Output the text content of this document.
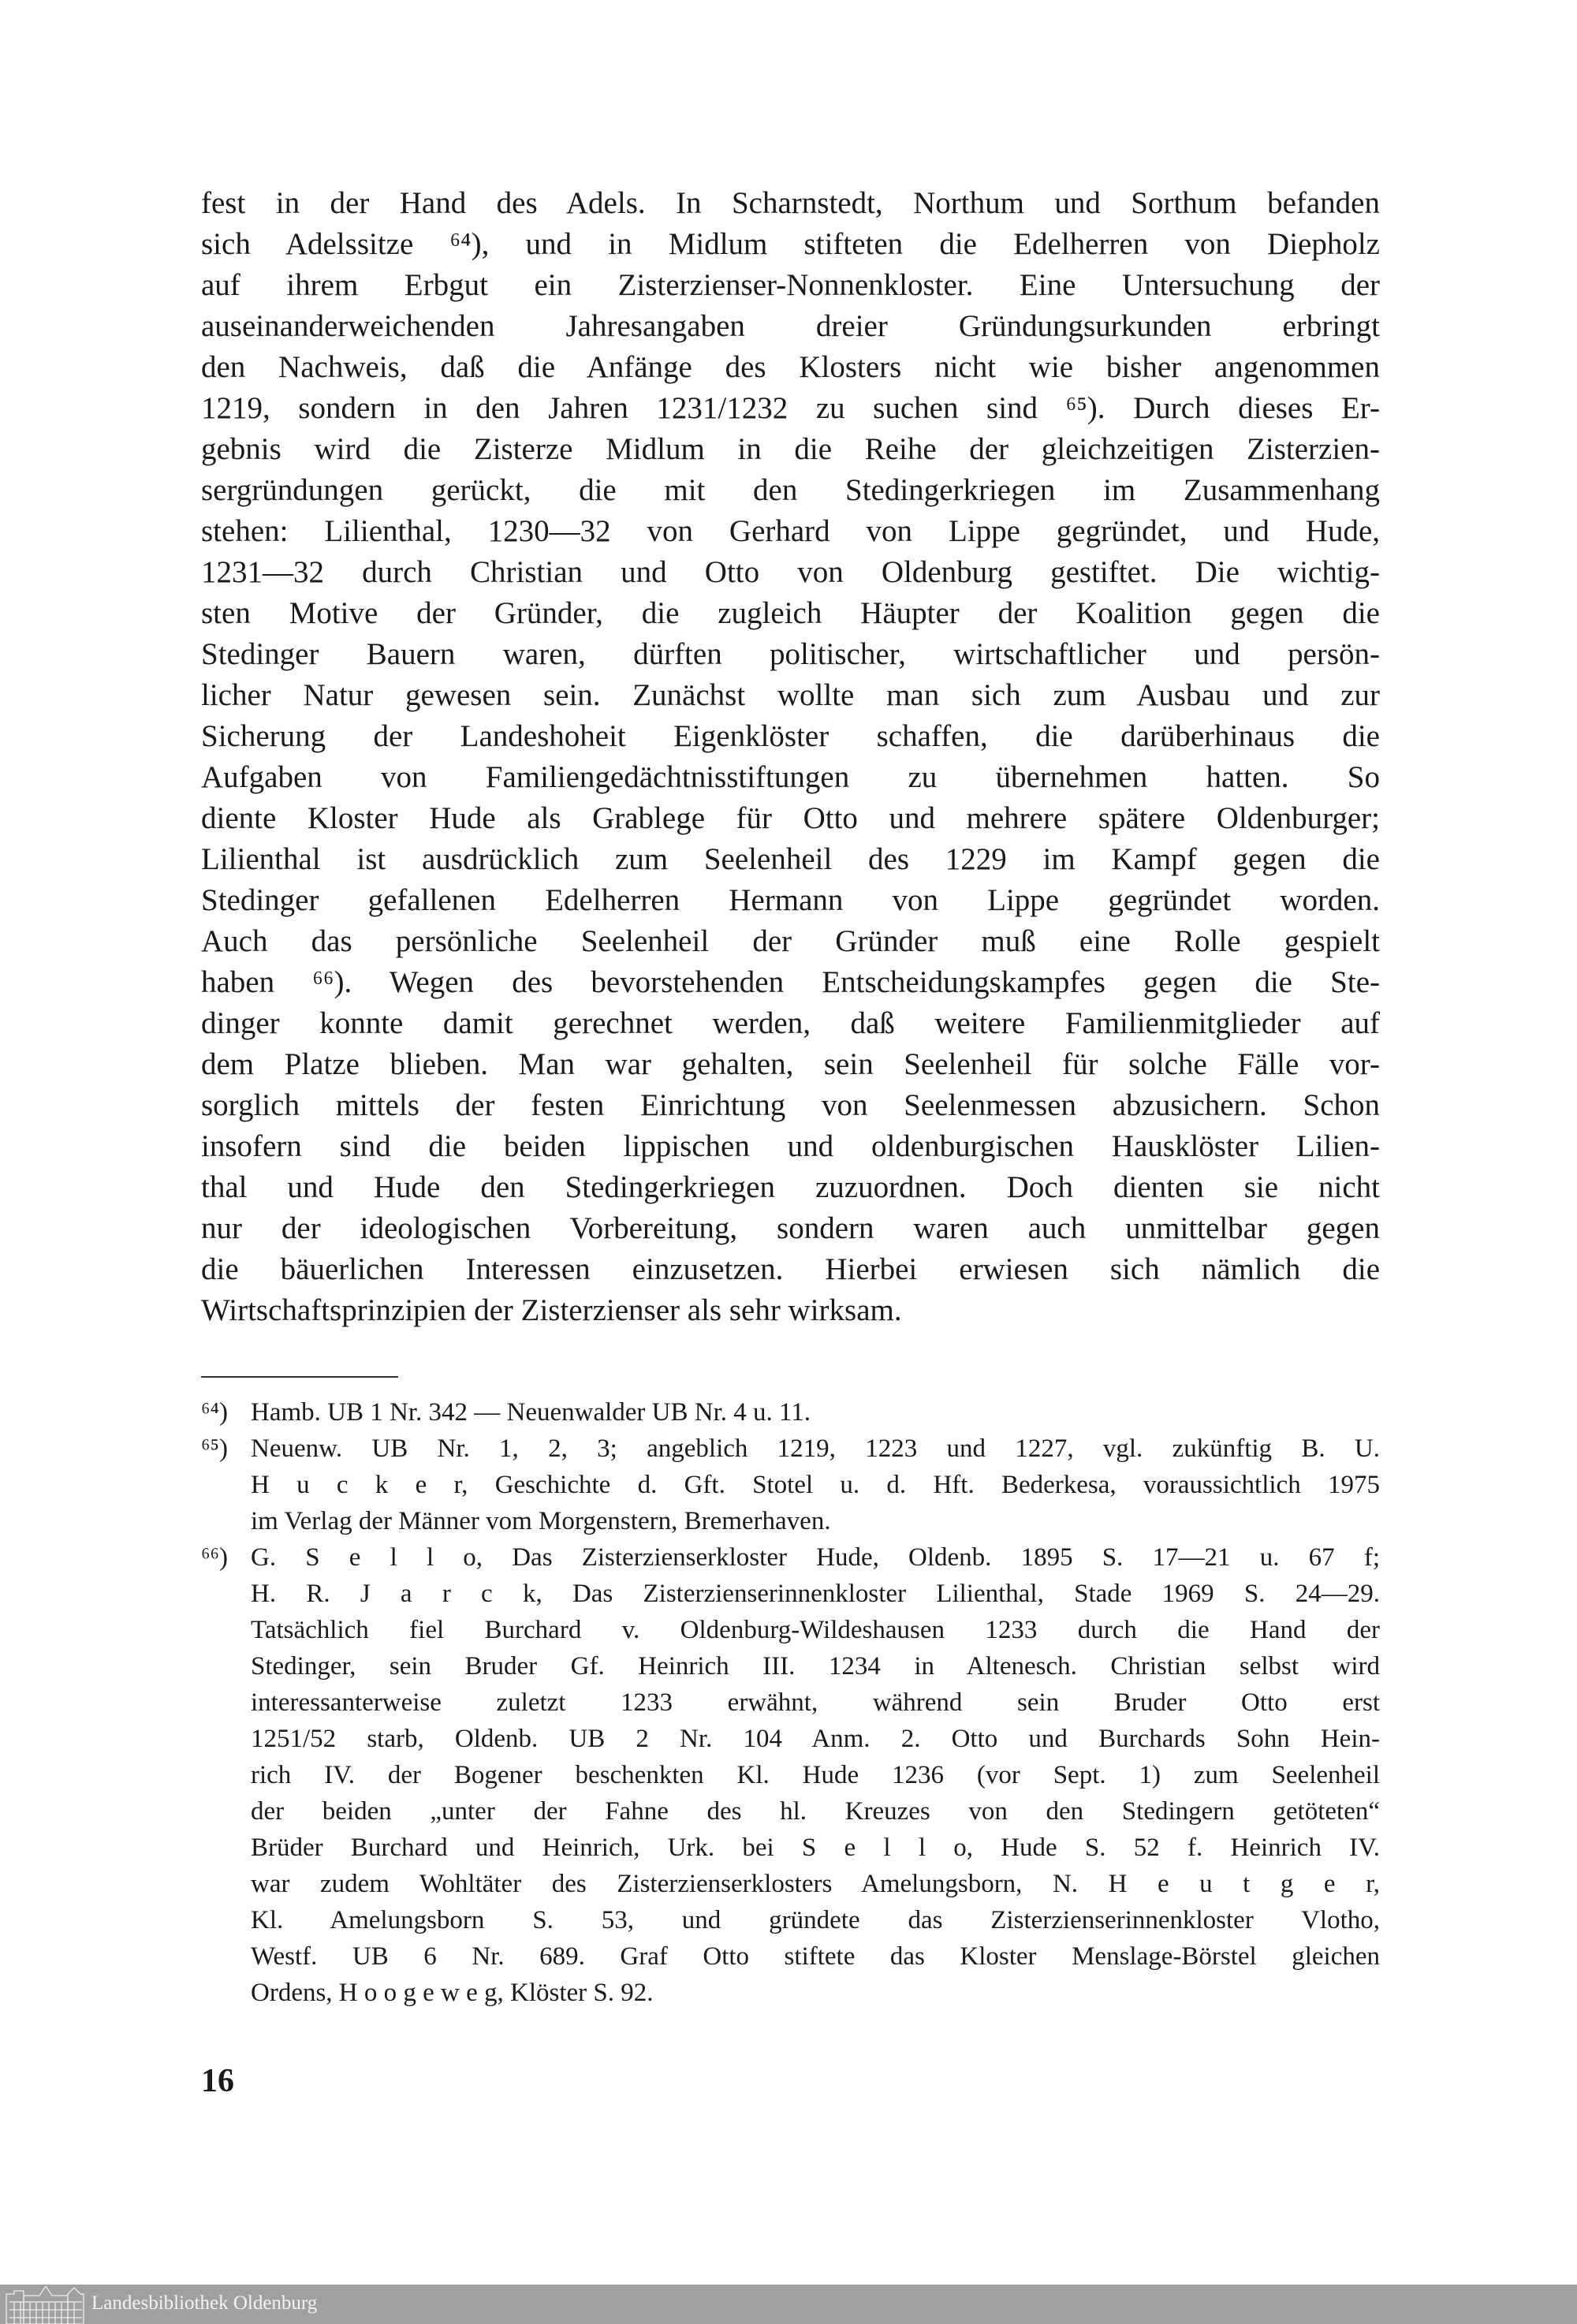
fest in der Hand des Adels. In Scharnstedt, Northum und Sorthum befanden
sich Adelssitze ⁶⁴), und in Midlum stifteten die Edelherren von Diepholz
auf ihrem Erbgut ein Zisterzienser-Nonnenkloster. Eine Untersuchung der
auseinanderweichenden Jahresangaben dreier Gründungsurkunden erbringt
den Nachweis, daß die Anfänge des Klosters nicht wie bisher angenommen
1219, sondern in den Jahren 1231/1232 zu suchen sind ⁶⁵). Durch dieses Er-
gebnis wird die Zisterze Midlum in die Reihe der gleichzeitigen Zisterzien-
sergründungen gerückt, die mit den Stedingerkriegen im Zusammenhang
stehen: Lilienthal, 1230—32 von Gerhard von Lippe gegründet, und Hude,
1231—32 durch Christian und Otto von Oldenburg gestiftet. Die wichtig-
sten Motive der Gründer, die zugleich Häupter der Koalition gegen die
Stedinger Bauern waren, dürften politischer, wirtschaftlicher und persön-
licher Natur gewesen sein. Zunächst wollte man sich zum Ausbau und zur
Sicherung der Landeshoheit Eigenklöster schaffen, die darüberhinaus die
Aufgaben von Familiengedächtnisstiftungen zu übernehmen hatten. So
diente Kloster Hude als Grablege für Otto und mehrere spätere Oldenburger;
Lilienthal ist ausdrücklich zum Seelenheil des 1229 im Kampf gegen die
Stedinger gefallenen Edelherren Hermann von Lippe gegründet worden.
Auch das persönliche Seelenheil der Gründer muß eine Rolle gespielt
haben ⁶⁶). Wegen des bevorstehenden Entscheidungskampfes gegen die Ste-
dinger konnte damit gerechnet werden, daß weitere Familienmitglieder auf
dem Platze blieben. Man war gehalten, sein Seelenheil für solche Fälle vor-
sorglich mittels der festen Einrichtung von Seelenmessen abzusichern. Schon
insofern sind die beiden lippischen und oldenburgischen Hausklöster Lilien-
thal und Hude den Stedingerkriegen zuzuordnen. Doch dienten sie nicht
nur der ideologischen Vorbereitung, sondern waren auch unmittelbar gegen
die bäuerlichen Interessen einzusetzen. Hierbei erwiesen sich nämlich die
Wirtschaftsprinzipien der Zisterzienser als sehr wirksam.
⁶⁴) Hamb. UB 1 Nr. 342 — Neuenwalder UB Nr. 4 u. 11.
⁶⁵) Neuenw. UB Nr. 1, 2, 3; angeblich 1219, 1223 und 1227, vgl. zukünftig B. U.
H u c k e r, Geschichte d. Gft. Stotel u. d. Hft. Bederkesa, voraussichtlich 1975
im Verlag der Männer vom Morgenstern, Bremerhaven.
⁶⁶) G. S e l l o, Das Zisterzienserkloster Hude, Oldenb. 1895 S. 17—21 u. 67 f;
H. R. J a r c k, Das Zisterzienserinnenkloster Lilienthal, Stade 1969 S. 24—29.
Tatsächlich fiel Burchard v. Oldenburg-Wildeshausen 1233 durch die Hand der
Stedinger, sein Bruder Gf. Heinrich III. 1234 in Altenesch. Christian selbst wird
interessanterweise zuletzt 1233 erwähnt, während sein Bruder Otto erst
1251/52 starb, Oldenb. UB 2 Nr. 104 Anm. 2. Otto und Burchards Sohn Hein-
rich IV. der Bogener beschenkten Kl. Hude 1236 (vor Sept. 1) zum Seelenheil
der beiden „unter der Fahne des hl. Kreuzes von den Stedingern getöteten“
Brüder Burchard und Heinrich, Urk. bei S e l l o, Hude S. 52 f. Heinrich IV.
war zudem Wohltäter des Zisterzienserklosters Amelungsborn, N. H e u t g e r,
Kl. Amelungsborn S. 53, und gründete das Zisterzienserinnenkloster Vlotho,
Westf. UB 6 Nr. 689. Graf Otto stiftete das Kloster Menslage-Börstel gleichen
Ordens, H o o g e w e g, Klöster S. 92.
16
Landesbibliothek Oldenburg
